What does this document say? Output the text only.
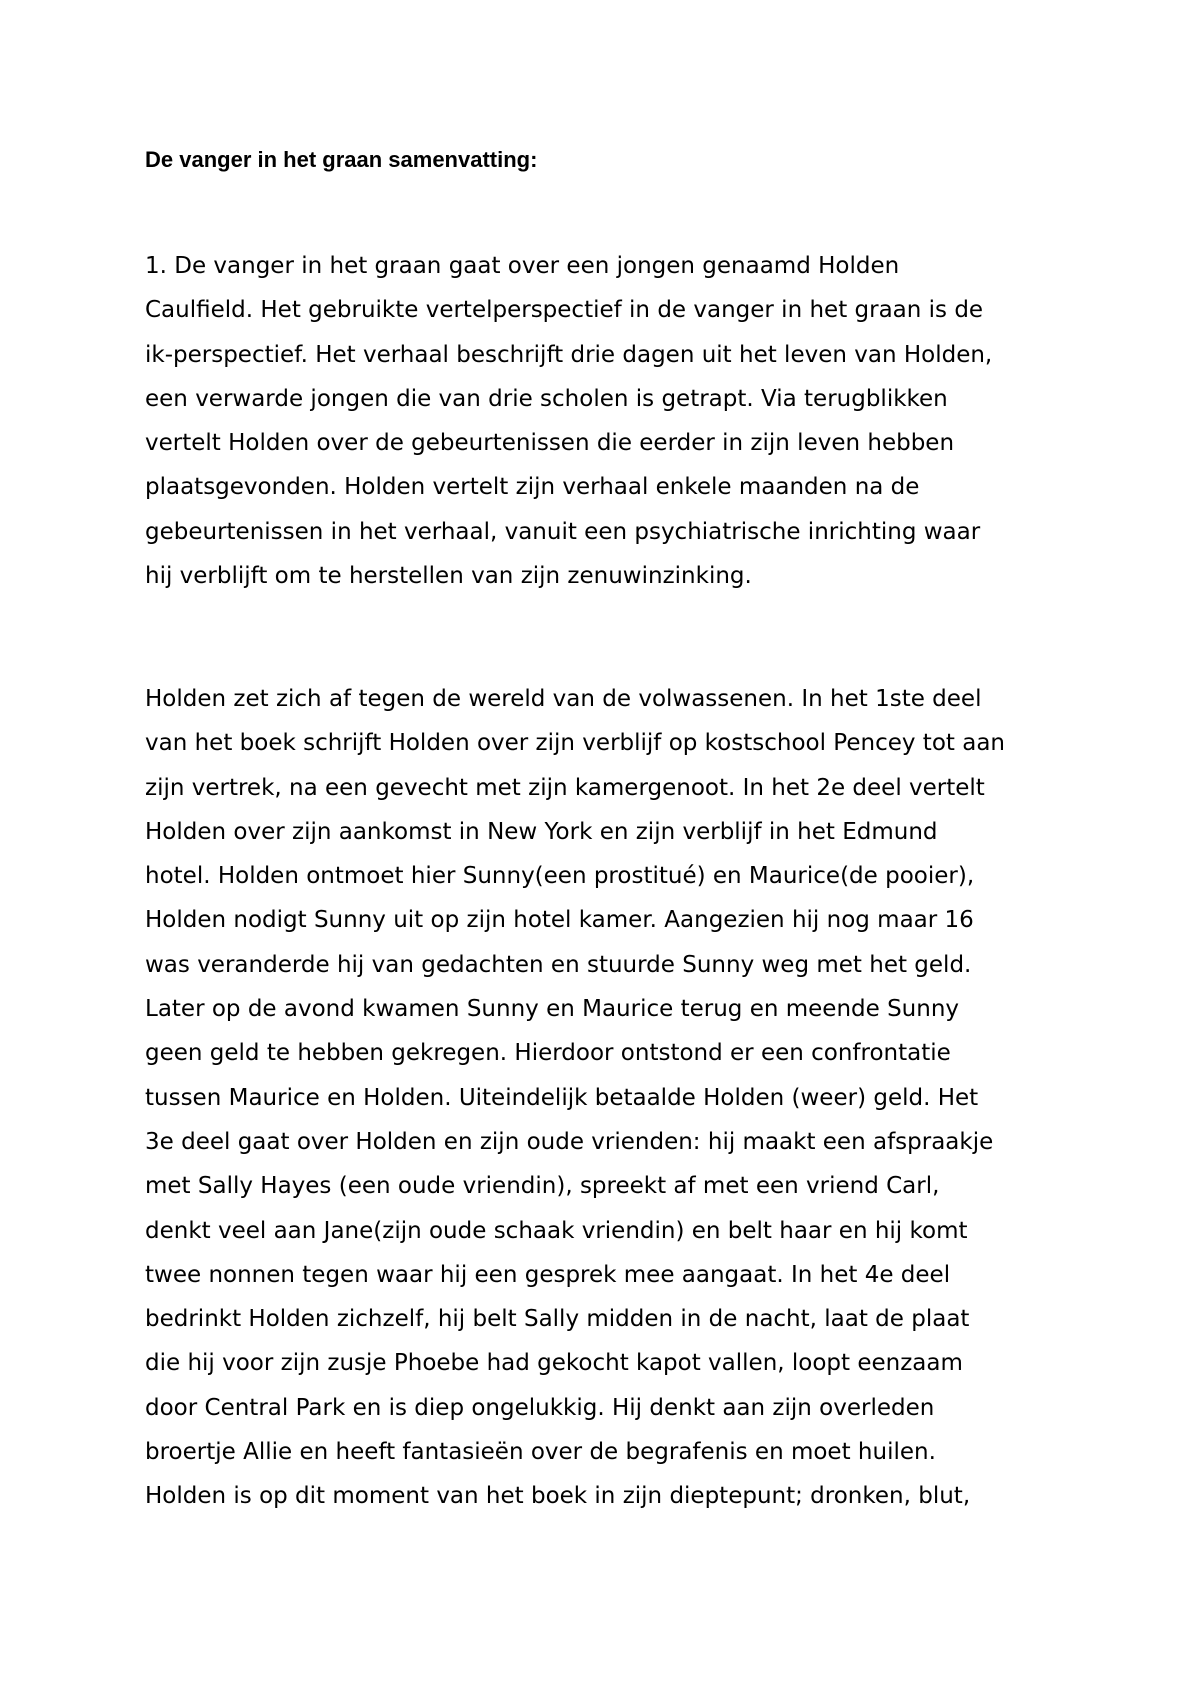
De vanger in het graan samenvatting:

1. De vanger in het graan gaat over een jongen genaamd Holden
Caulfield. Het gebruikte vertelperspectief in de vanger in het graan is de
ik-perspectief. Het verhaal beschrijft drie dagen uit het leven van Holden,
een verwarde jongen die van drie scholen is getrapt. Via terugblikken
vertelt Holden over de gebeurtenissen die eerder in zijn leven hebben
plaatsgevonden. Holden vertelt zijn verhaal enkele maanden na de
gebeurtenissen in het verhaal, vanuit een psychiatrische inrichting waar
hij verblijft om te herstellen van zijn zenuwinzinking.

Holden zet zich af tegen de wereld van de volwassenen. In het 1ste deel
van het boek schrijft Holden over zijn verblijf op kostschool Pencey tot aan
zijn vertrek, na een gevecht met zijn kamergenoot. In het 2e deel vertelt
Holden over zijn aankomst in New York en zijn verblijf in het Edmund
hotel. Holden ontmoet hier Sunny(een prostitué) en Maurice(de pooier),
Holden nodigt Sunny uit op zijn hotel kamer. Aangezien hij nog maar 16
was veranderde hij van gedachten en stuurde Sunny weg met het geld.
Later op de avond kwamen Sunny en Maurice terug en meende Sunny
geen geld te hebben gekregen. Hierdoor ontstond er een confrontatie
tussen Maurice en Holden. Uiteindelijk betaalde Holden (weer) geld. Het
3e deel gaat over Holden en zijn oude vrienden: hij maakt een afspraakje
met Sally Hayes (een oude vriendin), spreekt af met een vriend Carl,
denkt veel aan Jane(zijn oude schaak vriendin) en belt haar en hij komt
twee nonnen tegen waar hij een gesprek mee aangaat. In het 4e deel
bedrinkt Holden zichzelf, hij belt Sally midden in de nacht, laat de plaat
die hij voor zijn zusje Phoebe had gekocht kapot vallen, loopt eenzaam
door Central Park en is diep ongelukkig. Hij denkt aan zijn overleden
broertje Allie en heeft fantasieën over de begrafenis en moet huilen.
Holden is op dit moment van het boek in zijn dieptepunt; dronken, blut,
